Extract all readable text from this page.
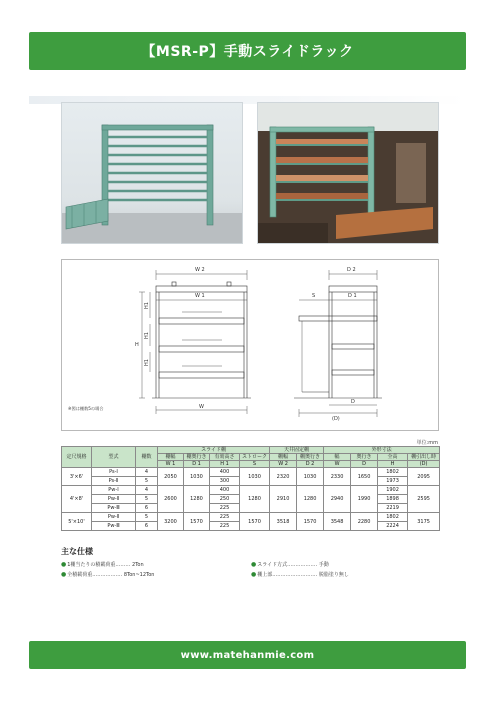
【MSR-P】手動スライドラック
W 2
W 1
H
H1
H1
H1
W
※図は棚数5の場合
D 2
S	D 1
D
(D)
単位:mm
定尺規格	型式	棚数	スライド棚				天井固定棚		外形寸法			
			棚幅	棚奥行き	有効高さ	ストローク	棚幅	棚奥行き	幅	奥行き	全高	棚引出し時
			W 1	D 1	H 1	S	W 2	D 2	W	D	H	(D)
3'×6'	Ps-Ⅰ	4	2050	1030	400	1030	2320	1030	2330	1650	1802	2095
	Ps-Ⅱ	5			300						1973	
4'×8'	Pw-Ⅰ	4	2600	1280	400	1280	2910	1280	2940	1990	1902	2595
	Pw-Ⅱ	5			250						1898	
	Pw-Ⅲ	6			225						2219	
5'×10'	Pw-Ⅱ	5	3200	1570	225	1570	3518	1570	3548	2280	1802	3175
	Pw-Ⅲ	6			225						2224	
主な仕様
●1棚当たりの積載荷重……… 2Ton
●全積載荷重……………… 8Ton~12Ton
●スライド方式……………… 手動
●棚上部……………………… 脱脂塗り無し
www.matehanmie.com
